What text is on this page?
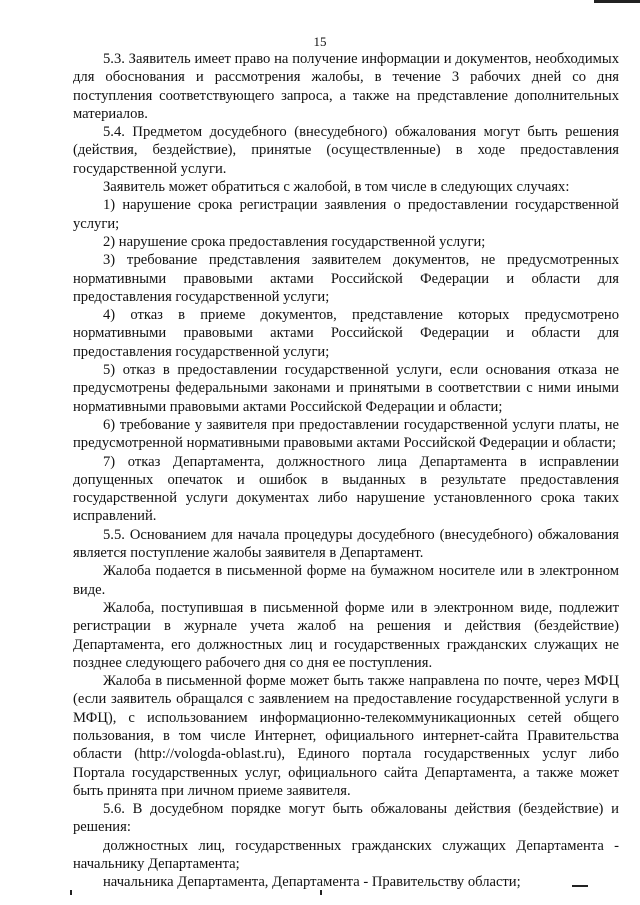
15

5.3. Заявитель имеет право на получение информации и документов, необходимых для обоснования и рассмотрения жалобы, в течение 3 рабочих дней со дня поступления соответствующего запроса, а также на представление дополнительных материалов.

5.4. Предметом досудебного (внесудебного) обжалования могут быть решения (действия, бездействие), принятые (осуществленные) в ходе предоставления государственной услуги.

Заявитель может обратиться с жалобой, в том числе в следующих случаях:

1) нарушение срока регистрации заявления о предоставлении государственной услуги;

2) нарушение срока предоставления государственной услуги;

3) требование представления заявителем документов, не предусмотренных нормативными правовыми актами Российской Федерации и области для предоставления государственной услуги;

4) отказ в приеме документов, представление которых предусмотрено нормативными правовыми актами Российской Федерации и области для предоставления государственной услуги;

5) отказ в предоставлении государственной услуги, если основания отказа не предусмотрены федеральными законами и принятыми в соответствии с ними иными нормативными правовыми актами Российской Федерации и области;

6) требование у заявителя при предоставлении государственной услуги платы, не предусмотренной нормативными правовыми актами Российской Федерации и области;

7) отказ Департамента, должностного лица Департамента в исправлении допущенных опечаток и ошибок в выданных в результате предоставления государственной услуги документах либо нарушение установленного срока таких исправлений.

5.5. Основанием для начала процедуры досудебного (внесудебного) обжалования является поступление жалобы заявителя в Департамент.

Жалоба подается в письменной форме на бумажном носителе или в электронном виде.

Жалоба, поступившая в письменной форме или в электронном виде, подлежит регистрации в журнале учета жалоб на решения и действия (бездействие) Департамента, его должностных лиц и государственных гражданских служащих не позднее следующего рабочего дня со дня ее поступления.

Жалоба в письменной форме может быть также направлена по почте, через МФЦ (если заявитель обращался с заявлением на предоставление государственной услуги в МФЦ), с использованием информационно-телекоммуникационных сетей общего пользования, в том числе Интернет, официального интернет-сайта Правительства области (http://vologda-oblast.ru), Единого портала государственных услуг либо Портала государственных услуг, официального сайта Департамента, а также может быть принята при личном приеме заявителя.

5.6. В досудебном порядке могут быть обжалованы действия (бездействие) и решения:

должностных лиц, государственных гражданских служащих Департамента - начальнику Департамента;

начальника Департамента, Департамента - Правительству области;
